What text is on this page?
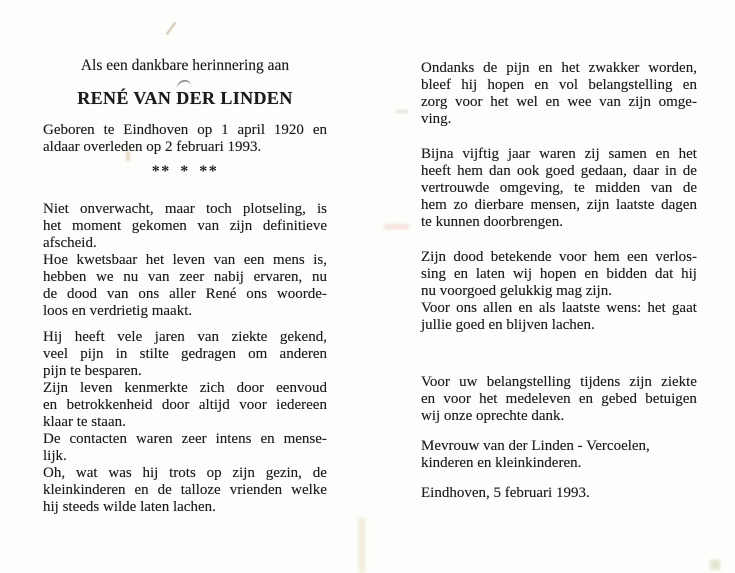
Als een dankbare herinnering aan
RENÉ VAN DER LINDEN
Geboren te Eindhoven op 1 april 1920 en
aldaar overleden op 2 februari 1993.
** * **
Niet onverwacht, maar toch plotseling, is
het moment gekomen van zijn definitieve
afscheid.
Hoe kwetsbaar het leven van een mens is,
hebben we nu van zeer nabij ervaren, nu
de dood van ons aller René ons woorde-
loos en verdrietig maakt.
Hij heeft vele jaren van ziekte gekend,
veel pijn in stilte gedragen om anderen
pijn te besparen.
Zijn leven kenmerkte zich door eenvoud
en betrokkenheid door altijd voor iedereen
klaar te staan.
De contacten waren zeer intens en mense-
lijk.
Oh, wat was hij trots op zijn gezin, de
kleinkinderen en de talloze vrienden welke
hij steeds wilde laten lachen.
Ondanks de pijn en het zwakker worden,
bleef hij hopen en vol belangstelling en
zorg voor het wel en wee van zijn omge-
ving.
Bijna vijftig jaar waren zij samen en het
heeft hem dan ook goed gedaan, daar in de
vertrouwde omgeving, te midden van de
hem zo dierbare mensen, zijn laatste dagen
te kunnen doorbrengen.
Zijn dood betekende voor hem een verlos-
sing en laten wij hopen en bidden dat hij
nu voorgoed gelukkig mag zijn.
Voor ons allen en als laatste wens: het gaat
jullie goed en blijven lachen.
Voor uw belangstelling tijdens zijn ziekte
en voor het medeleven en gebed betuigen
wij onze oprechte dank.
Mevrouw van der Linden - Vercoelen,
kinderen en kleinkinderen.
Eindhoven, 5 februari 1993.
